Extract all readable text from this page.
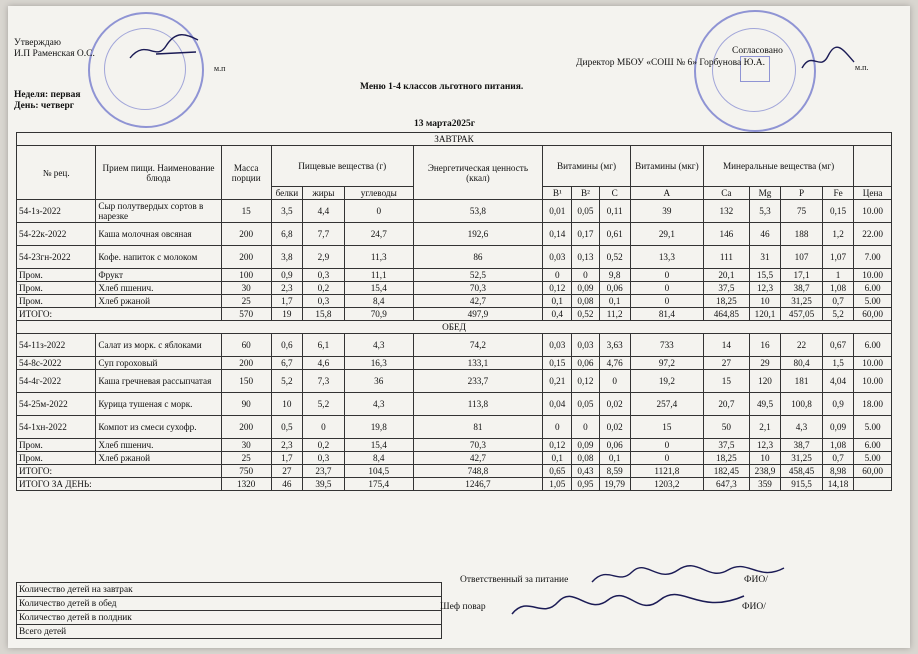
Утверждаю
И.П Раменская О.С.
м.п
Согласовано
Директор МБОУ «СОШ № 6» Горбунова Ю.А.	м.п.
Меню 1-4 классов льготного питания.
Неделя: первая
День: четверг
13 марта2025г
ЗАВТРАК															
№ рец.	Прием пищи. Наименование блюда	Масса порции	Пищевые вещества (г)			Энергетическая ценность (ккал)	Витамины (мг)			Витамины (мкг)	Минеральные вещества (мг)				
			белки	жиры	углеводы		B¹	B²	C	A	Ca	Mg	P	Fe	Цена
54-1з-2022	Сыр полутвердых сортов в нарезке	15	3,5	4,4	0	53,8	0,01	0,05	0,11	39	132	5,3	75	0,15	10.00
54-22к-2022	Каша молочная овсяная	200	6,8	7,7	24,7	192,6	0,14	0,17	0,61	29,1	146	46	188	1,2	22.00
54-23гн-2022	Кофе. напиток с молоком	200	3,8	2,9	11,3	86	0,03	0,13	0,52	13,3	111	31	107	1,07	7.00
Пром.	Фрукт	100	0,9	0,3	11,1	52,5	0	0	9,8	0	20,1	15,5	17,1	1	10.00
Пром.	Хлеб пшенич.	30	2,3	0,2	15,4	70,3	0,12	0,09	0,06	0	37,5	12,3	38,7	1,08	6.00
Пром.	Хлеб ржаной	25	1,7	0,3	8,4	42,7	0,1	0,08	0,1	0	18,25	10	31,25	0,7	5.00
ИТОГО:		570	19	15,8	70,9	497,9	0,4	0,52	11,2	81,4	464,85	120,1	457,05	5,2	60,00
ОБЕД															
54-11з-2022	Салат из морк. с яблоками	60	0,6	6,1	4,3	74,2	0,03	0,03	3,63	733	14	16	22	0,67	6.00
54-8с-2022	Суп гороховый	200	6,7	4,6	16,3	133,1	0,15	0,06	4,76	97,2	27	29	80,4	1,5	10.00
54-4г-2022	Каша гречневая рассыпчатая	150	5,2	7,3	36	233,7	0,21	0,12	0	19,2	15	120	181	4,04	10.00
54-25м-2022	Курица тушеная с морк.	90	10	5,2	4,3	113,8	0,04	0,05	0,02	257,4	20,7	49,5	100,8	0,9	18.00
54-1хн-2022	Компот из смеси сухофр.	200	0,5	0	19,8	81	0	0	0,02	15	50	2,1	4,3	0,09	5.00
Пром.	Хлеб пшенич.	30	2,3	0,2	15,4	70,3	0,12	0,09	0,06	0	37,5	12,3	38,7	1,08	6.00
Пром.	Хлеб ржаной	25	1,7	0,3	8,4	42,7	0,1	0,08	0,1	0	18,25	10	31,25	0,7	5.00
ИТОГО:		750	27	23,7	104,5	748,8	0,65	0,43	8,59	1121,8	182,45	238,9	458,45	8,98	60,00
ИТОГО ЗА ДЕНЬ:		1320	46	39,5	175,4	1246,7	1,05	0,95	19,79	1203,2	647,3	359	915,5	14,18	
Количество детей на завтрак
Количество детей в обед
Количество детей в полдник
Всего детей
Ответственный за питание	ФИО/
Шеф повар	ФИО/
